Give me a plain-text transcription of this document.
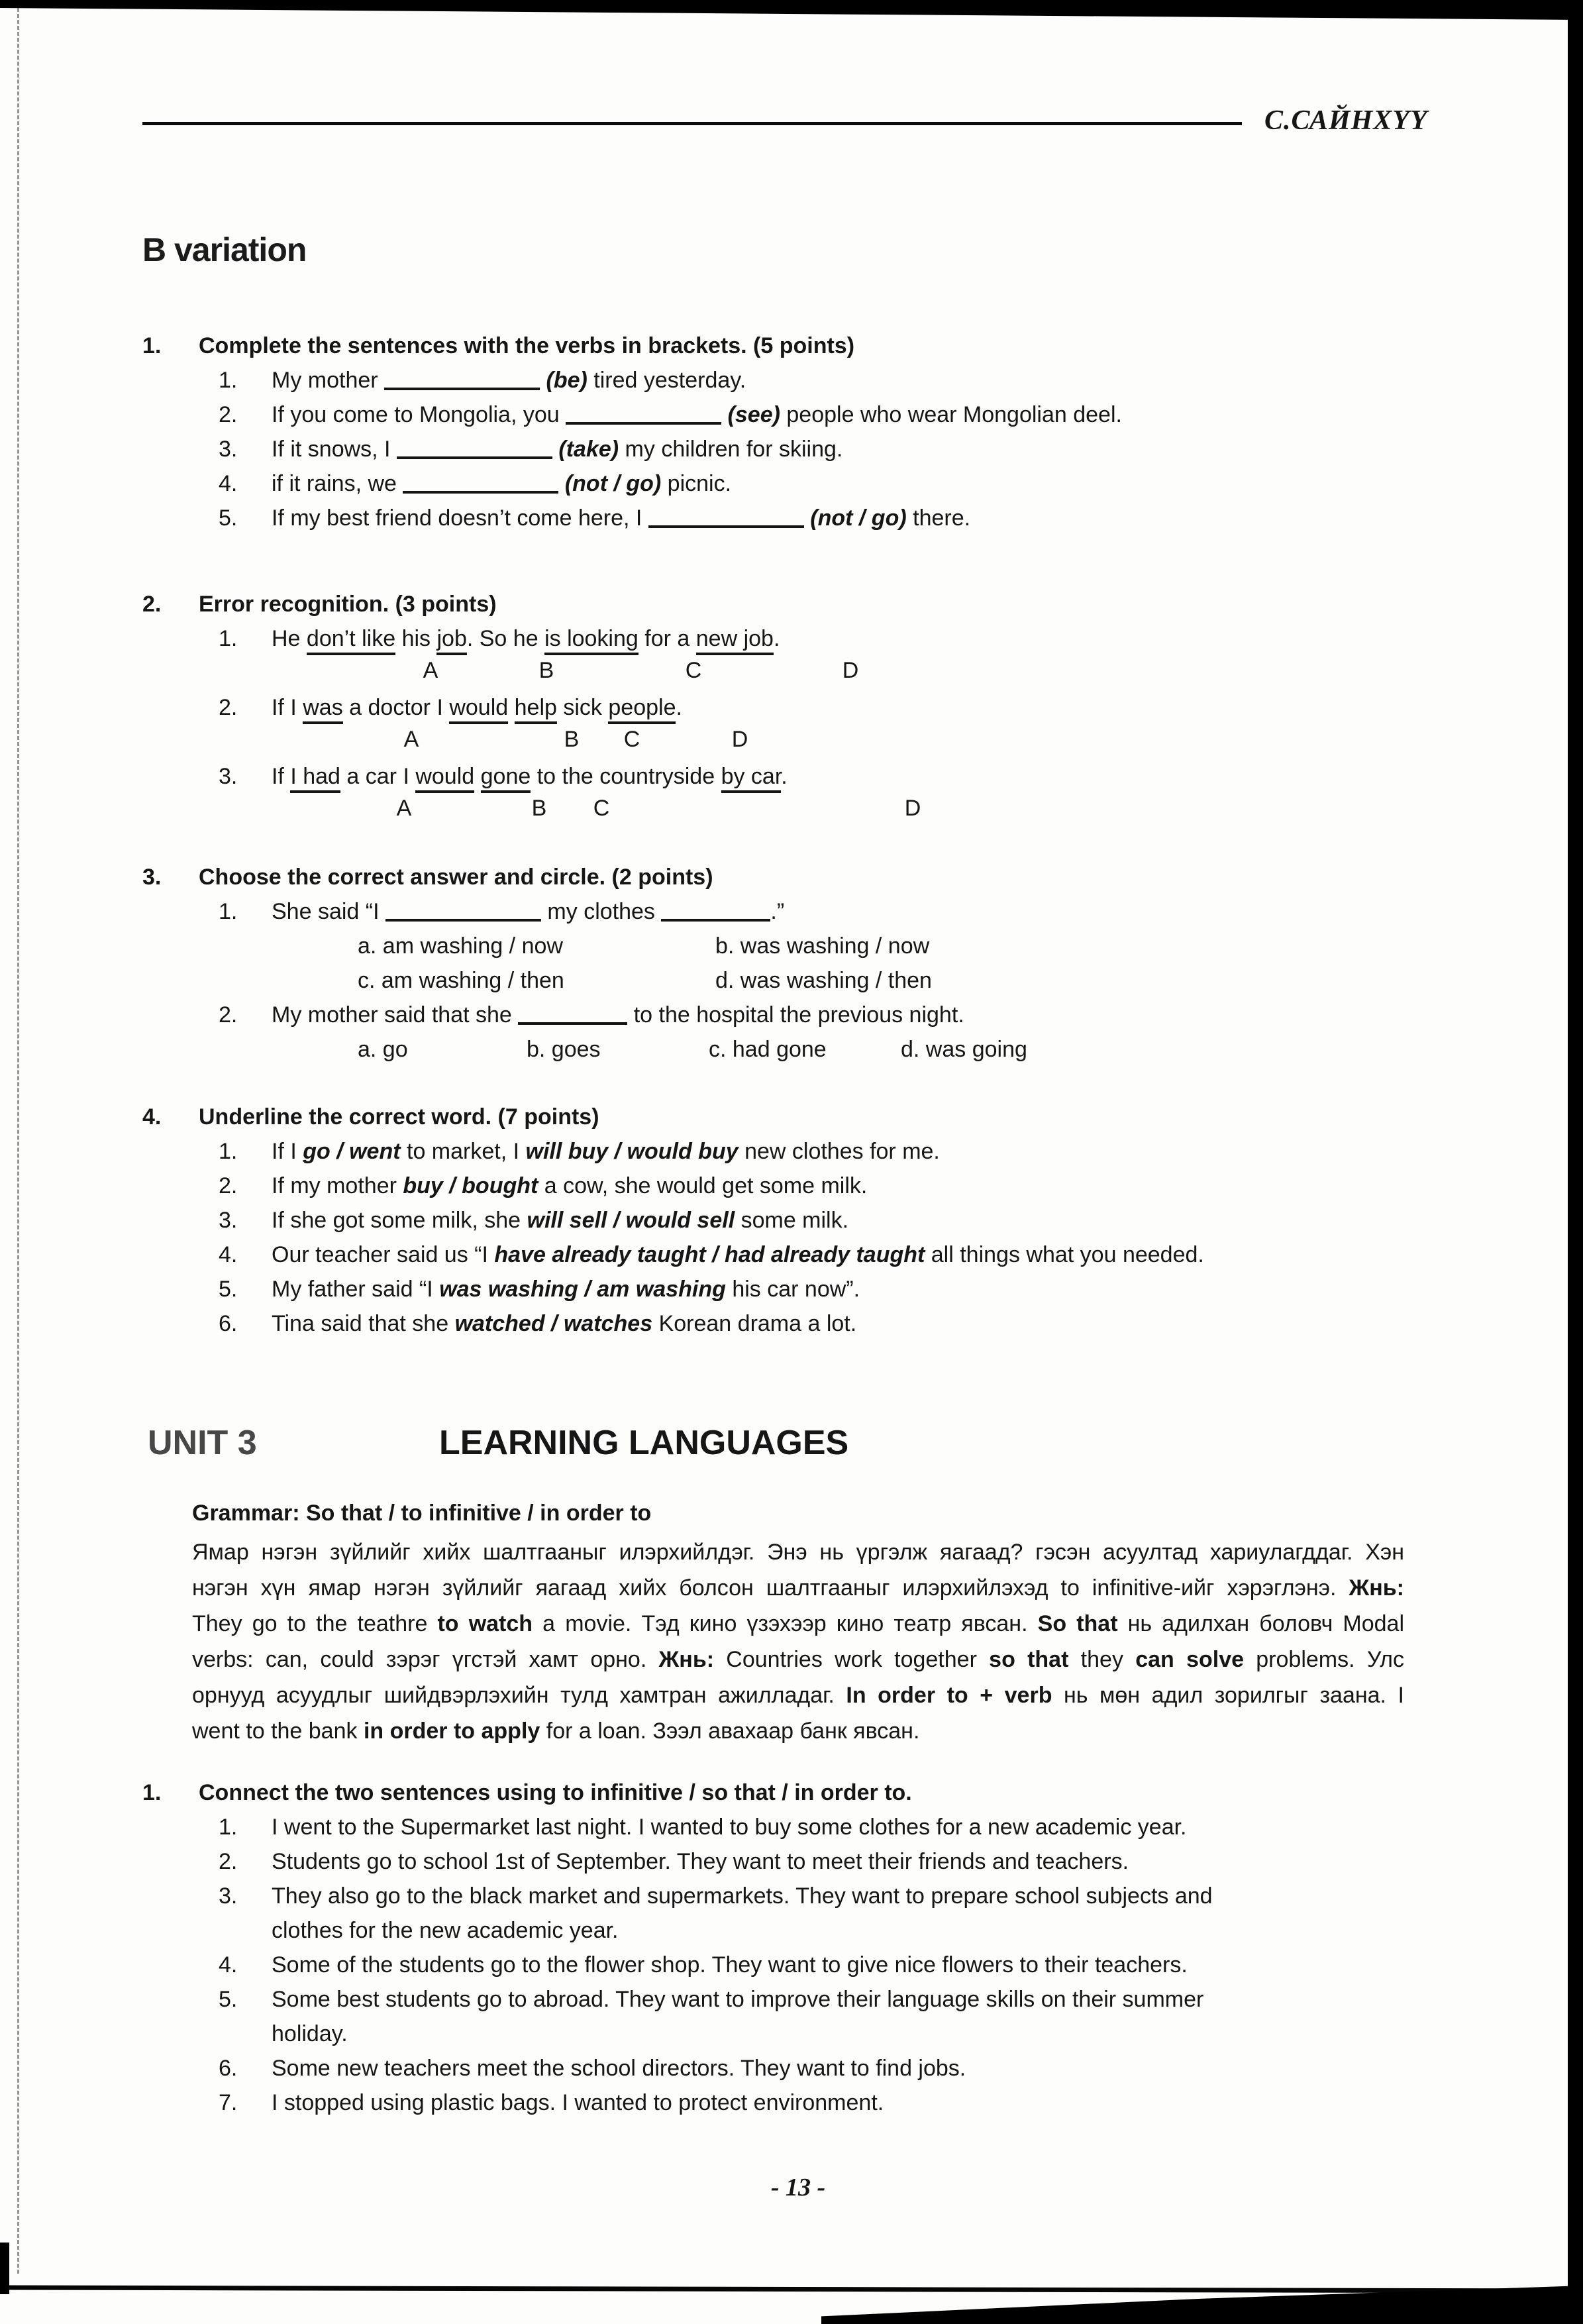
С.САЙНХYY
B variation
1.	Complete the sentences with the verbs in brackets. (5 points)
1.	My mother	(be) tired yesterday.
2.	If you come to Mongolia, you	(see) people who wear Mongolian deel.
3.	If it snows, I	(take) my children for skiing.
4.	if it rains, we	(not / go) picnic.
5.	If my best friend doesn’t come here, I	(not / go) there.
2.	Error recognition. (3 points)
1.	He don’t like his job. So he is looking for a new job.
A	B	C	D
2.	If I was a doctor I would help sick people.
A	B C	D
3.	If I had a car I would gone to the countryside by car.
A	B C	D
3.	Choose the correct answer and circle. (2 points)
1.	She said “I	my clothes	.”
a. am washing / now	b. was washing / now
c. am washing / then	d. was washing / then
2.	My mother said that she	to the hospital the previous night.
a. go	b. goes	c. had gone	d. was going
4.	Underline the correct word. (7 points)
1.	If I go / went to market, I will buy / would buy new clothes for me.
2.	If my mother buy / bought a cow, she would get some milk.
3.	If she got some milk, she will sell / would sell some milk.
4.	Our teacher said us “I have already taught / had already taught all things what you needed.
5.	My father said “I was washing / am washing his car now”.
6.	Tina said that she watched / watches Korean drama a lot.
UNIT 3	LEARNING LANGUAGES
Grammar: So that / to infinitive / in order to
Ямар нэгэн зүйлийг хийх шалтгааныг илэрхийлдэг. Энэ нь үргэлж яагаад? гэсэн асуултад хариулагддаг. Хэн
нэгэн хүн ямар нэгэн зүйлийг яагаад хийх болсон шалтгааныг илэрхийлэхэд to infinitive-ийг хэрэглэнэ. Жнь:
They go to the teathre to watch a movie. Тэд кино үзэхээр кино театр явсан. So that нь адилхан боловч Modal
verbs: can, could зэрэг үгстэй хамт орно. Жнь: Countries work together so that they can solve problems. Улс
орнууд асуудлыг шийдвэрлэхийн тулд хамтран ажилладаг. In order to + verb нь мөн адил зорилгыг заана. I
went to the bank in order to apply for a loan. Зээл авахаар банк явсан.
1.	Connect the two sentences using to infinitive / so that / in order to.
1.	I went to the Supermarket last night. I wanted to buy some clothes for a new academic year.
2.	Students go to school 1st of September. They want to meet their friends and teachers.
3.	They also go to the black market and supermarkets. They want to prepare school subjects and clothes for the new academic year.
4.	Some of the students go to the flower shop. They want to give nice flowers to their teachers.
5.	Some best students go to abroad. They want to improve their language skills on their summer holiday.
6.	Some new teachers meet the school directors. They want to find jobs.
7.	I stopped using plastic bags. I wanted to protect environment.
- 13 -
